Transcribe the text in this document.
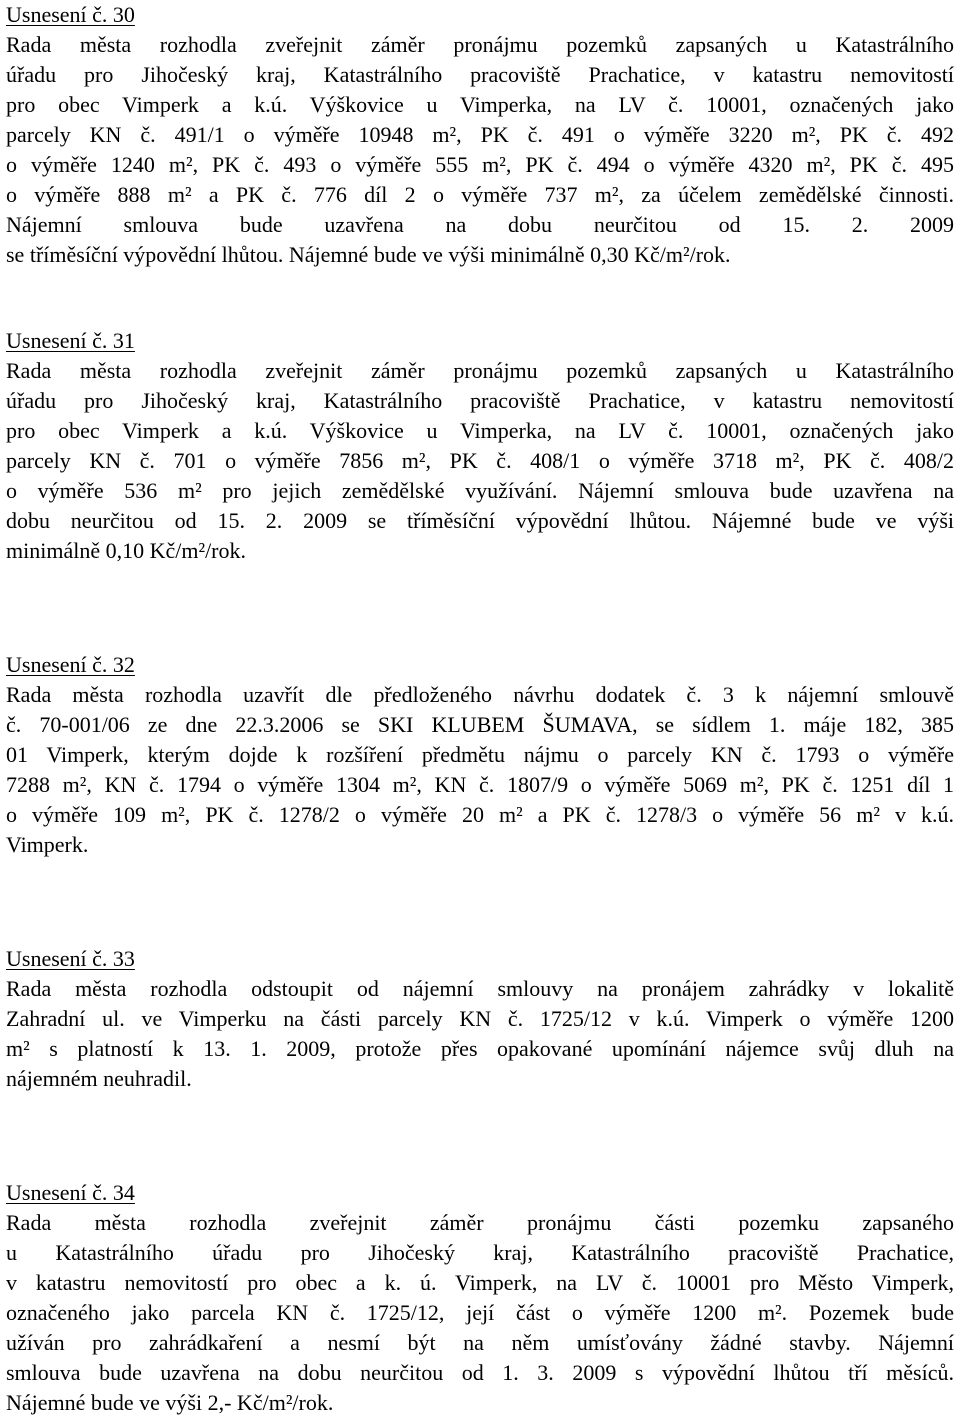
Usnesení č. 30
Rada města rozhodla zveřejnit záměr pronájmu pozemků zapsaných u Katastrálního
úřadu pro Jihočeský kraj, Katastrálního pracoviště Prachatice, v katastru nemovitostí
pro obec Vimperk a k.ú. Výškovice u Vimperka, na LV č. 10001, označených jako
parcely KN č. 491/1 o výměře 10948 m², PK č. 491 o výměře 3220 m², PK č. 492
o výměře 1240 m², PK č. 493 o výměře 555 m², PK č. 494 o výměře 4320 m², PK č. 495
o výměře 888 m² a PK č. 776 díl 2 o výměře 737 m², za účelem zemědělské činnosti.
Nájemní smlouva bude uzavřena na dobu neurčitou od 15. 2. 2009
se tříměsíční výpovědní lhůtou. Nájemné bude ve výši minimálně 0,30 Kč/m²/rok.
Usnesení č. 31
Rada města rozhodla zveřejnit záměr pronájmu pozemků zapsaných u Katastrálního
úřadu pro Jihočeský kraj, Katastrálního pracoviště Prachatice, v katastru nemovitostí
pro obec Vimperk a k.ú. Výškovice u Vimperka, na LV č. 10001, označených jako
parcely KN č. 701 o výměře 7856 m², PK č. 408/1 o výměře 3718 m², PK č. 408/2
o výměře 536 m² pro jejich zemědělské využívání. Nájemní smlouva bude uzavřena na
dobu neurčitou od 15. 2. 2009 se tříměsíční výpovědní lhůtou. Nájemné bude ve výši
minimálně 0,10 Kč/m²/rok.
Usnesení č. 32
Rada města rozhodla uzavřít dle předloženého návrhu dodatek č. 3 k nájemní smlouvě
č. 70-001/06 ze dne 22.3.2006 se SKI KLUBEM ŠUMAVA, se sídlem 1. máje 182, 385
01 Vimperk, kterým dojde k rozšíření předmětu nájmu o parcely KN č. 1793 o výměře
7288 m², KN č. 1794 o výměře 1304 m², KN č. 1807/9 o výměře 5069 m², PK č. 1251 díl 1
o výměře 109 m², PK č. 1278/2 o výměře 20 m² a PK č. 1278/3 o výměře 56 m² v k.ú.
Vimperk.
Usnesení č. 33
Rada města rozhodla odstoupit od nájemní smlouvy na pronájem zahrádky v lokalitě
Zahradní ul. ve Vimperku na části parcely KN č. 1725/12 v k.ú. Vimperk o výměře 1200
m² s platností k 13. 1. 2009, protože přes opakované upomínání nájemce svůj dluh na
nájemném neuhradil.
Usnesení č. 34
Rada města rozhodla zveřejnit záměr pronájmu části pozemku zapsaného
u Katastrálního úřadu pro Jihočeský kraj, Katastrálního pracoviště Prachatice,
v katastru nemovitostí pro obec a k. ú. Vimperk, na LV č. 10001 pro Město Vimperk,
označeného jako parcela KN č. 1725/12, její část o výměře 1200 m². Pozemek bude
užíván pro zahrádkaření a nesmí být na něm umísťovány žádné stavby. Nájemní
smlouva bude uzavřena na dobu neurčitou od 1. 3. 2009 s výpovědní lhůtou tří měsíců.
Nájemné bude ve výši 2,- Kč/m²/rok.
